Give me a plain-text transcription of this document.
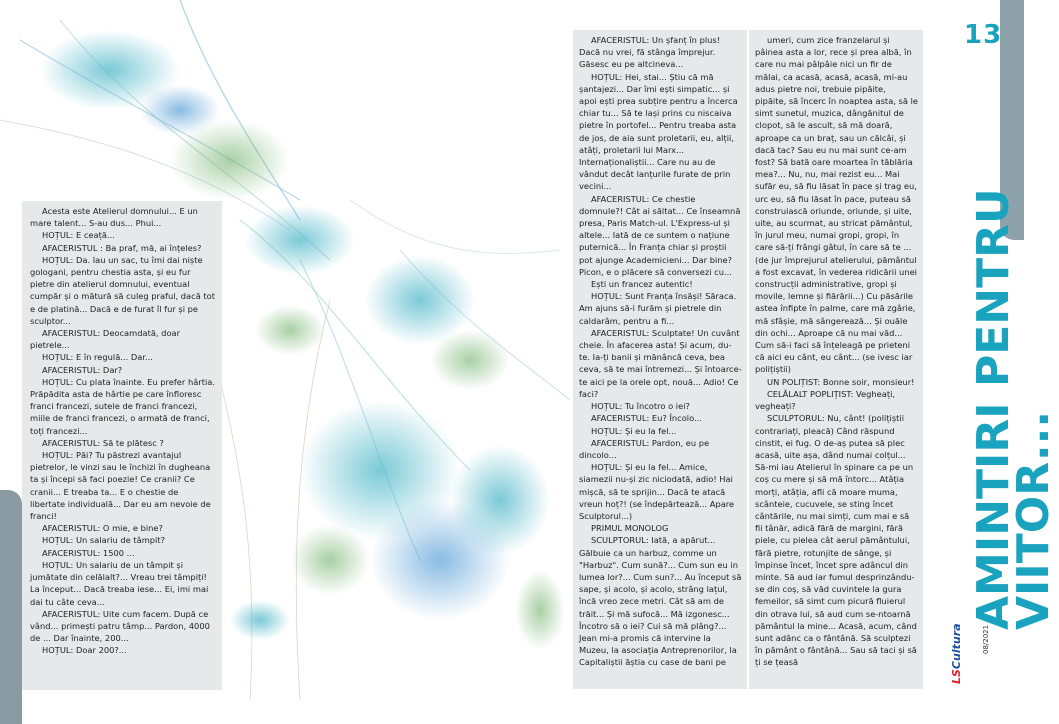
Acesta este Atelierul domnului... E un mare talent... S-au dus... Phui...

HOȚUL: E ceață...

AFACERISTUL : Ba praf, mă, ai înțeles?

HOȚUL: Da. Iau un sac, tu îmi dai niște gologani, pentru chestia asta, și eu fur pietre din atelierul domnului, eventual cumpăr și o mătură să culeg praful, dacă tot e de platină... Dacă e de furat îl fur și pe sculptor...

AFACERISTUL: Deocamdată, doar pietrele...

HOȚUL: E în regulă... Dar...

AFACERISTUL: Dar?

HOȚUL: Cu plata înainte. Eu prefer hârtia. Prăpădita asta de hârtie pe care înfloresc franci francezi, sutele de franci francezi, miile de franci francezi, o armată de franci, toți francezi...

AFACERISTUL: Să te plătesc ?

HOȚUL: Păi? Tu păstrezi avantajul pietrelor, le vinzi sau le închizi în dugheana ta și începi să faci poezie! Ce cranii? Ce cranii... E treaba ta... E o chestie de libertate individuală... Dar eu am nevoie de franci!

AFACERISTUL: O mie, e bine?

HOȚUL: Un salariu de tâmpit?

AFACERISTUL: 1500 ...

HOȚUL: Un salariu de un tâmpit și jumătate din celălalt?... Vreau trei tâmpiți! La început... Dacă treaba iese... Ei, imi mai dai tu câte ceva...

AFACERISTUL: Uite cum facem. După ce vând... primești patru tâmp... Pardon, 4000 de ... Dar înainte, 200...

HOȚUL: Doar 200?...

AFACERISTUL: Un șfanț în plus! Dacă nu vrei, fă stânga împrejur. Găsesc eu pe altcineva...

HOȚUL: Hei, stai... Știu că mă șantajezi... Dar îmi ești simpatic... și apoi ești prea subțire pentru a încerca chiar tu... Să te lași prins cu niscaiva pietre în portofel... Pentru treaba asta de jos, de aia sunt proletarii, eu, alții, atâți, proletarii lui Marx... Internaționaliștii... Care nu au de vândut decât lanțurile furate de prin vecini...

AFACERISTUL: Ce chestie domnule?! Cât ai săltat... Ce înseamnă presa, Paris Match-ul. L'Express-ul și altele... Iată de ce suntem o națiune puternică... În Franța chiar și proștii pot ajunge Academicieni... Dar bine? Picon, e o plăcere să conversezi cu...

Ești un francez autentic!

HOȚUL: Sunt Franța însăși! Săraca. Am ajuns să-i furăm și pietrele din caldarâm, pentru a fi...

AFACERISTUL: Sculptate! Un cuvânt cheie. În afacerea asta! Și acum, du-te. Ia-ți banii și mănâncă ceva, bea ceva, să te mai întremezi... Și întoarce-te aici pe la orele opt, nouă... Adio! Ce faci?

HOȚUL: Tu încotro o iei?

AFACERISTUL: Eu? Încolo...

HOȚUL: Și eu la fel...

AFACERISTUL: Pardon, eu pe dincolo...

HOȚUL: Și eu la fel... Amice, siamezii nu-și zic niciodată, adio! Hai mișcă, să te sprijin... Dacă te atacă vreun hoț?! (se îndepărtează... Apare Sculptorul...)

PRIMUL MONOLOG

SCULPTORUL: Iată, a apărut... Gălbuie ca un harbuz, comme un "Harbuz". Cum sună?... Cum sun eu in lumea lor?... Cum sun?... Au început să sape, și acolo, și acolo, strâng lațul, încă vreo zece metri. Cât să am de trăit... Și mă sufocă... Mă izgonesc... Încotro să o iei? Cui să mă plâng?... Jean mi-a promis că intervine la Muzeu, la asociația Antreprenorilor, la Capitaliștii ăștia cu case de bani pe

umeri, cum zice franzelarul și pâinea asta a lor, rece și prea albă, în care nu mai pâlpâie nici un fir de mălai, ca acasă, acasă, acasă, mi-au adus pietre noi, trebuie pipăite, pipăite, să încerc în noaptea asta, să le simt sunetul, muzica, dângănitul de clopot, să le ascult, să mă doară, aproape ca un braț, sau un călcâi, și dacă tac? Sau eu nu mai sunt ce-am fost? Să bată oare moartea în tăblăria mea?... Nu, nu, mai rezist eu... Mai sufăr eu, să fiu lăsat în pace și trag eu, urc eu, să fiu lăsat în pace, puteau să construiască oriunde, oriunde, și uite, uite, au scurmat, au stricat pământul, în jurul meu, numai gropi, gropi, în care să-ți frângi gâtul, în care să te ... (de jur împrejurul atelierului, pământul a fost excavat, în vederea ridicării unei construcții administrative, gropi și movile, lemne și fiărării...) Cu păsările astea înfipte în palme, care mă zgârie, mă sfâșie, mă sângerează... Și ouăle din ochi... Aproape că nu mai văd... Cum să-i faci să înțeleagă pe prieteni că aici eu cânt, eu cânt... (se ivesc iar polițiștii)

UN POLIȚIST: Bonne soir, monsieur!

CELĂLALT POPLIȚIST: Vegheați, vegheați?

SCULPTORUL: Nu, cânt! (polițiștii contrariați, pleacă) Când răspund cinstit, ei fug. O de-aș putea să plec acasă, uite așa, dând numai colțul... Să-mi iau Atelierul în spinare ca pe un coș cu mere și să mă întorc... Atâția morți, atâția, afli că moare muma, scânteie, cucuvele, se sting încet cântările, nu mai simți, cum mai e să fii tânăr, adică fără de margini, fără piele, cu pielea cât aerul pământului, fără pietre, rotunjite de sânge, și împinse încet, încet spre adâncul din minte. Să aud iar fumul desprinzându-se din coș, să văd cuvintele la gura femeilor, să simt cum picură fluierul din otrava lui, să aud cum se-ntoarnă pământul la mine... Acasă, acum, când sunt adânc ca o fântână. Să sculptezi în pământ o fântână... Sau să taci și să ți se țeasă

13
AMINTIRI PENTRU
VIITOR...
LSCultura	08/2021
